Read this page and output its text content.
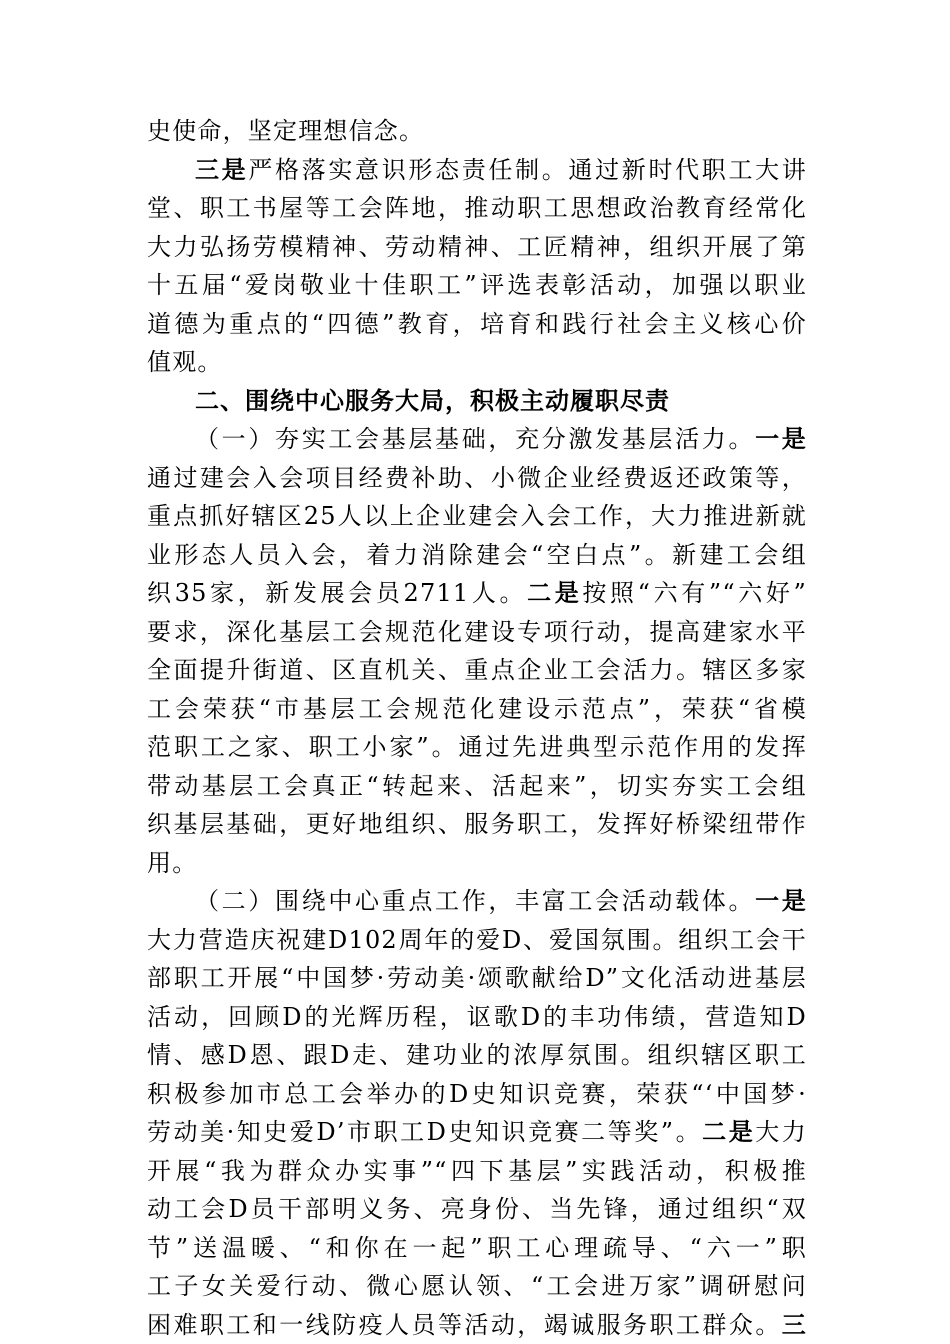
史使命，坚定理想信念。
三是严格落实意识形态责任制。通过新时代职工大讲
堂、职工书屋等工会阵地，推动职工思想政治教育经常化
大力弘扬劳模精神、劳动精神、工匠精神，组织开展了第
十五届“爱岗敬业十佳职工”评选表彰活动，加强以职业
道德为重点的“四德”教育，培育和践行社会主义核心价
值观。
二、围绕中心服务大局，积极主动履职尽责
（一）夯实工会基层基础，充分激发基层活力。一是
通过建会入会项目经费补助、小微企业经费返还政策等，
重点抓好辖区25人以上企业建会入会工作，大力推进新就
业形态人员入会，着力消除建会“空白点”。新建工会组
织35家，新发展会员2711人。二是按照“六有”“六好”
要求，深化基层工会规范化建设专项行动，提高建家水平
全面提升街道、区直机关、重点企业工会活力。辖区多家
工会荣获“市基层工会规范化建设示范点”，荣获“省模
范职工之家、职工小家”。通过先进典型示范作用的发挥
带动基层工会真正“转起来、活起来”，切实夯实工会组
织基层基础，更好地组织、服务职工，发挥好桥梁纽带作
用。
（二）围绕中心重点工作，丰富工会活动载体。一是
大力营造庆祝建D102周年的爱D、爱国氛围。组织工会干
部职工开展“中国梦·劳动美·颂歌献给D”文化活动进基层
活动，回顾D的光辉历程，讴歌D的丰功伟绩，营造知D
情、感D恩、跟D走、建功业的浓厚氛围。组织辖区职工
积极参加市总工会举办的D史知识竞赛，荣获“‘中国梦·
劳动美·知史爱D’市职工D史知识竞赛二等奖”。二是大力
开展“我为群众办实事”“四下基层”实践活动，积极推
动工会D员干部明义务、亮身份、当先锋，通过组织“双
节”送温暖、“和你在一起”职工心理疏导、“六一”职
工子女关爱行动、微心愿认领、“工会进万家”调研慰问
困难职工和一线防疫人员等活动，竭诚服务职工群众。三
